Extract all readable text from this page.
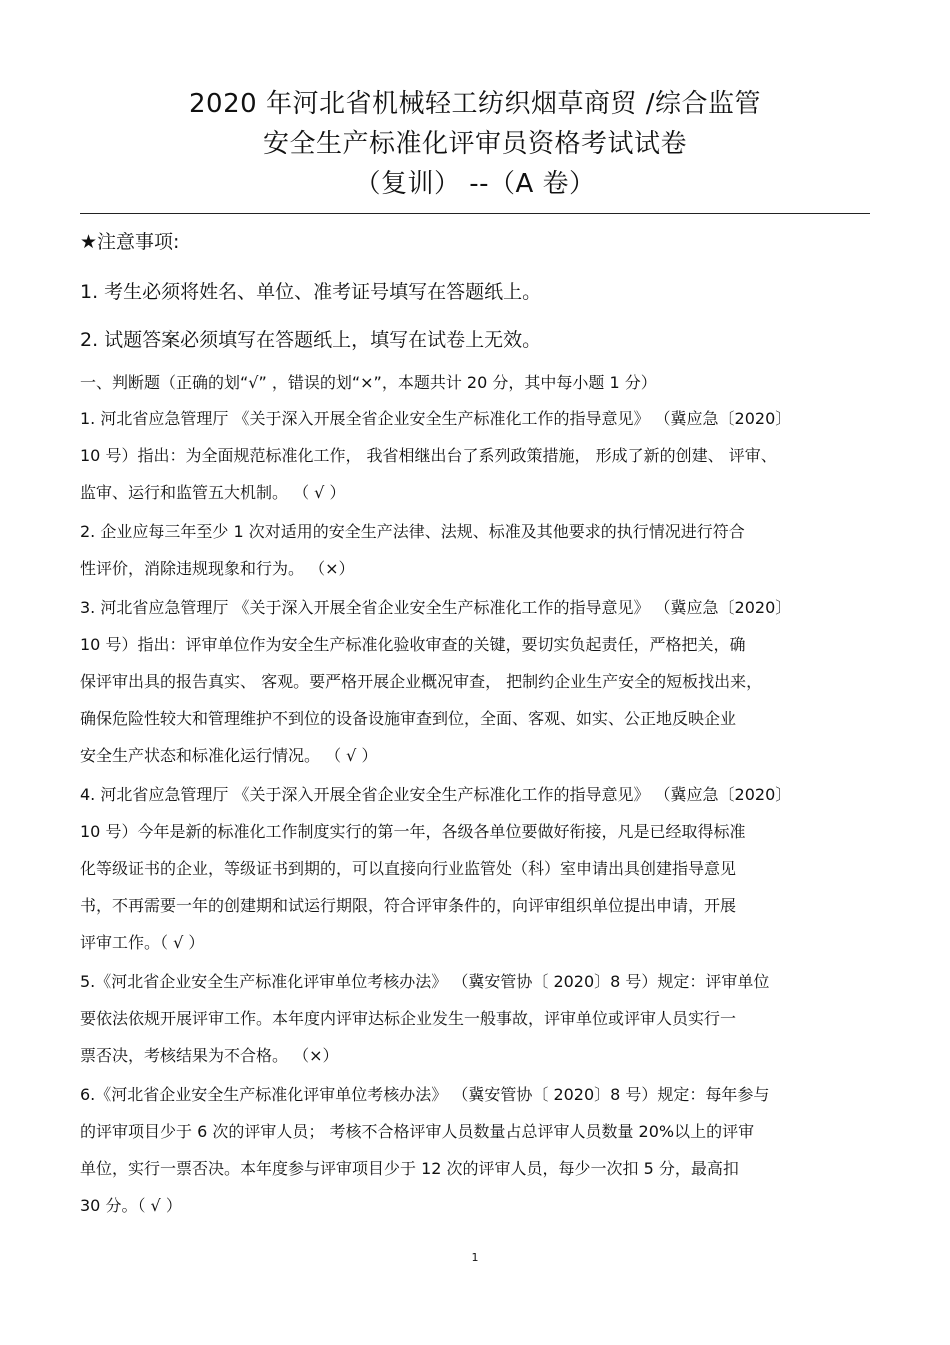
2020 年河北省机械轻工纺织烟草商贸 /综合监管
安全生产标准化评审员资格考试试卷
（复训） --（A 卷）
★注意事项:
1. 考生必须将姓名、单位、准考证号填写在答题纸上。
2. 试题答案必须填写在答题纸上，填写在试卷上无效。
一、判断题（正确的划“√” ，错误的划“×”，本题共计 20 分，其中每小题 1 分）
1. 河北省应急管理厅 《关于深入开展全省企业安全生产标准化工作的指导意见》 （冀应急〔2020〕
10 号）指出：为全面规范标准化工作， 我省相继出台了系列政策措施， 形成了新的创建、 评审、
监审、运行和监管五大机制。 （ √ ）
2. 企业应每三年至少 1 次对适用的安全生产法律、法规、标准及其他要求的执行情况进行符合
性评价，消除违规现象和行为。 （×）
3. 河北省应急管理厅 《关于深入开展全省企业安全生产标准化工作的指导意见》 （冀应急〔2020〕
10 号）指出：评审单位作为安全生产标准化验收审查的关键，要切实负起责任，严格把关，确
保评审出具的报告真实、 客观。要严格开展企业概况审查， 把制约企业生产安全的短板找出来，
确保危险性较大和管理维护不到位的设备设施审查到位，全面、客观、如实、公正地反映企业
安全生产状态和标准化运行情况。 （ √ ）
4. 河北省应急管理厅 《关于深入开展全省企业安全生产标准化工作的指导意见》 （冀应急〔2020〕
10 号）今年是新的标准化工作制度实行的第一年，各级各单位要做好衔接，凡是已经取得标准
化等级证书的企业，等级证书到期的，可以直接向行业监管处（科）室申请出具创建指导意见
书，不再需要一年的创建期和试运行期限，符合评审条件的，向评审组织单位提出申请，开展
评审工作。（ √ ）
5.《河北省企业安全生产标准化评审单位考核办法》 （冀安管协〔 2020〕8 号）规定：评审单位
要依法依规开展评审工作。本年度内评审达标企业发生一般事故，评审单位或评审人员实行一
票否决，考核结果为不合格。 （×）
6.《河北省企业安全生产标准化评审单位考核办法》 （冀安管协〔 2020〕8 号）规定：每年参与
的评审项目少于 6 次的评审人员； 考核不合格评审人员数量占总评审人员数量 20%以上的评审
单位，实行一票否决。本年度参与评审项目少于 12 次的评审人员，每少一次扣 5 分，最高扣
30 分。（ √ ）
1
